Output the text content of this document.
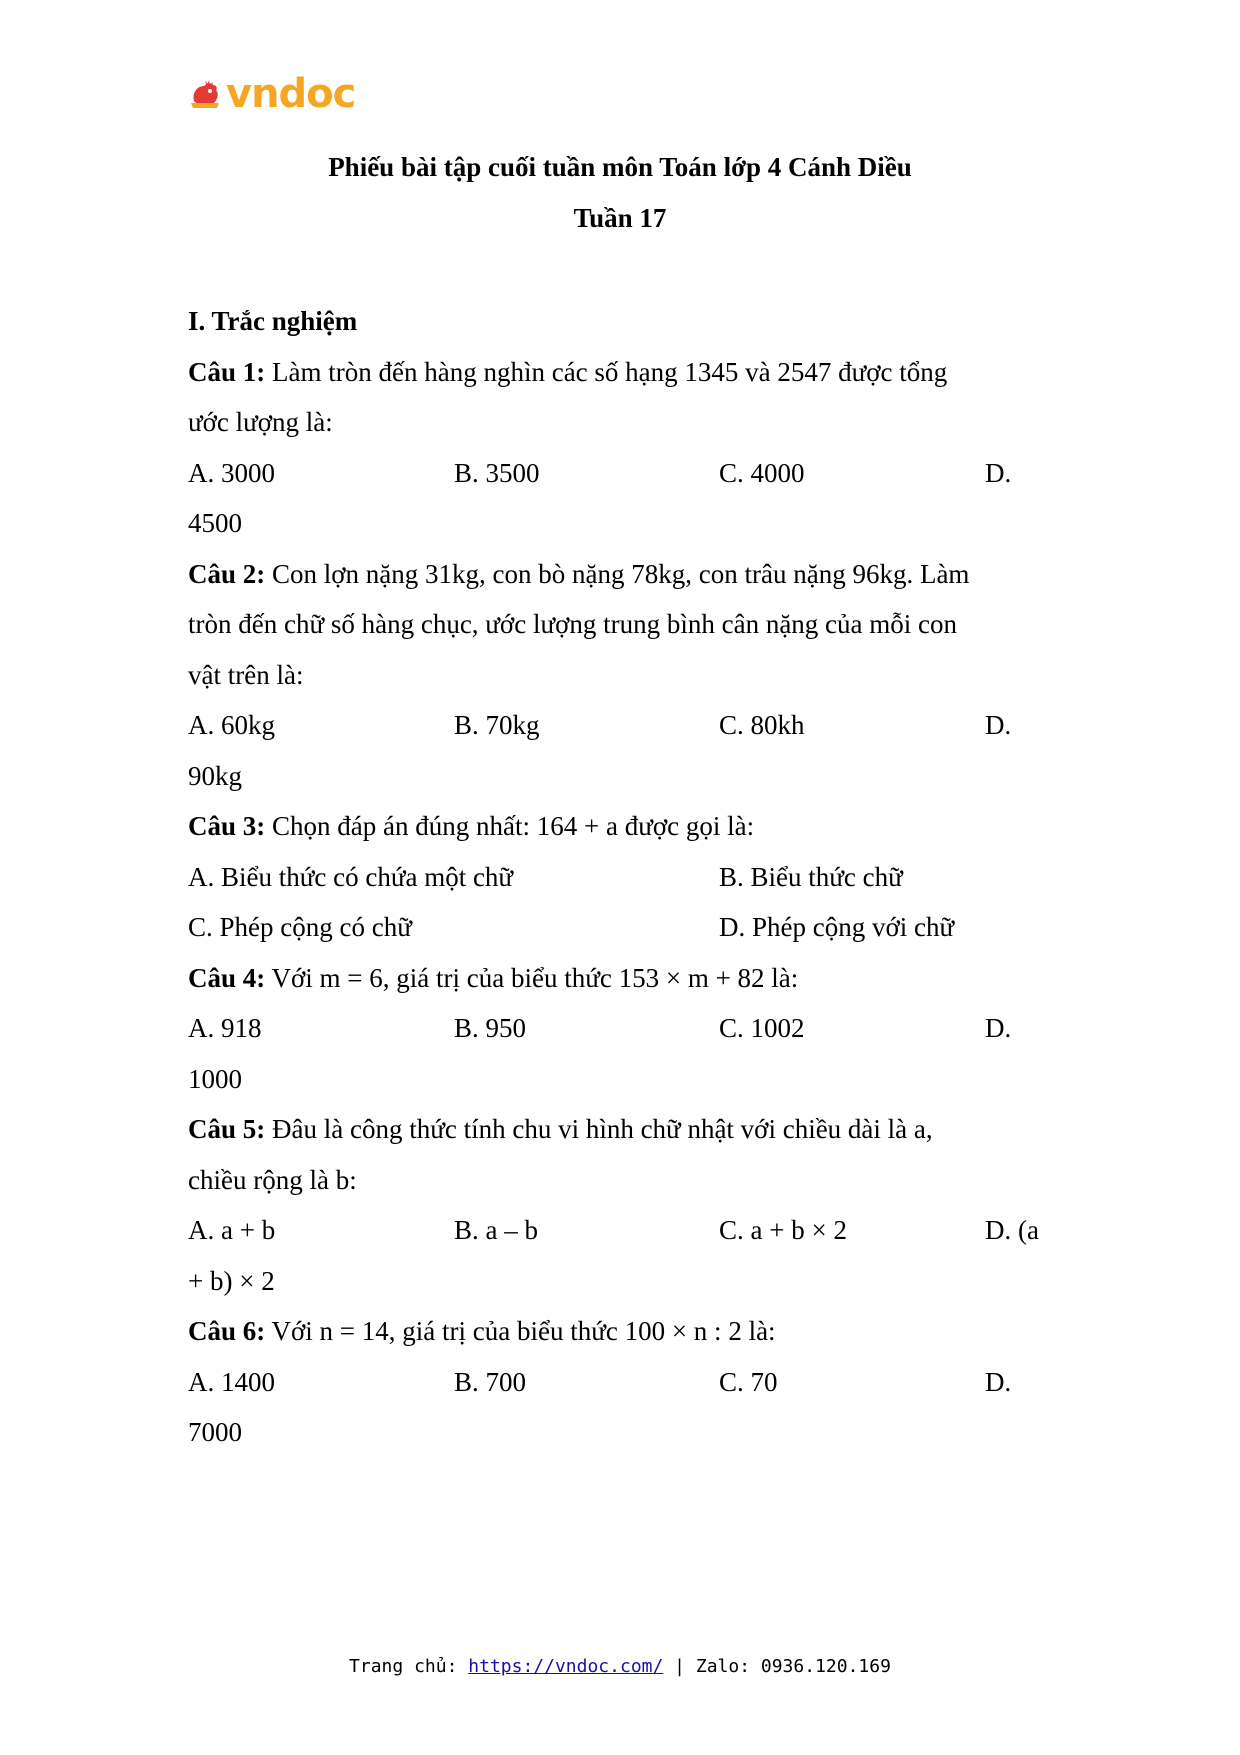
vndoc
Phiếu bài tập cuối tuần môn Toán lớp 4 Cánh Diều
Tuần 17
I. Trắc nghiệm
Câu 1: Làm tròn đến hàng nghìn các số hạng 1345 và 2547 được tổng
ước lượng là:
A. 3000	B. 3500	C. 4000	D.
4500
Câu 2: Con lợn nặng 31kg, con bò nặng 78kg, con trâu nặng 96kg. Làm
tròn đến chữ số hàng chục, ước lượng trung bình cân nặng của mỗi con
vật trên là:
A. 60kg	B. 70kg	C. 80kh	D.
90kg
Câu 3: Chọn đáp án đúng nhất: 164 + a được gọi là:
A. Biểu thức có chứa một chữ	B. Biểu thức chữ
C. Phép cộng có chữ	D. Phép cộng với chữ
Câu 4: Với m = 6, giá trị của biểu thức 153 × m + 82 là:
A. 918	B. 950	C. 1002	D.
1000
Câu 5: Đâu là công thức tính chu vi hình chữ nhật với chiều dài là a,
chiều rộng là b:
A. a + b	B. a – b	C. a + b × 2	D. (a
+ b) × 2
Câu 6: Với n = 14, giá trị của biểu thức 100 × n : 2 là:
A. 1400	B. 700	C. 70	D.
7000
Trang chủ: https://vndoc.com/ | Zalo: 0936.120.169
